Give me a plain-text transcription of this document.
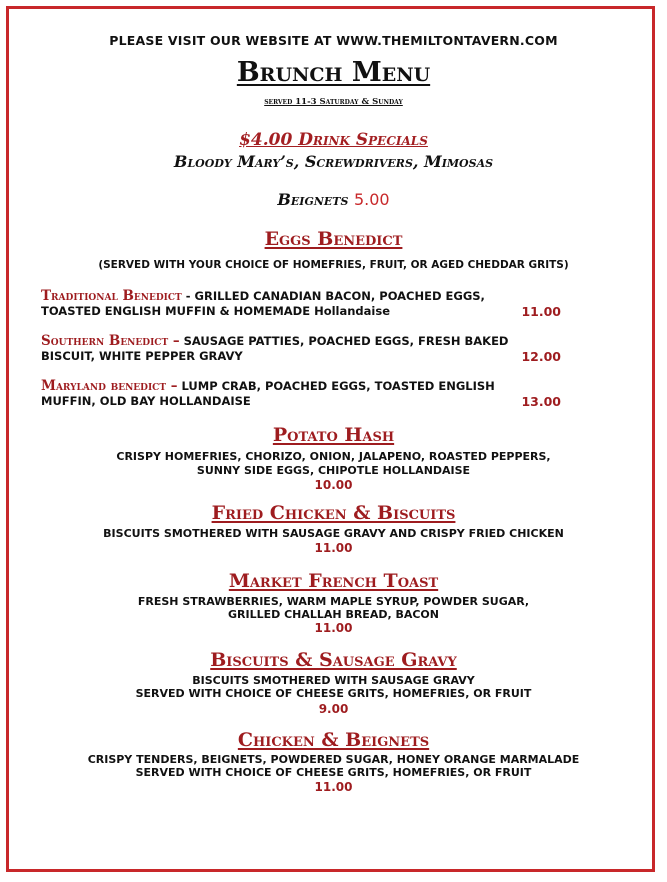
PLEASE VISIT OUR WEBSITE AT WWW.THEMILTONTAVERN.COM
Brunch Menu
served 11-3 Saturday & Sunday
$4.00 Drink Specials
Bloody Mary’s, Screwdrivers, Mimosas
Beignets 5.00
Eggs Benedict
(SERVED WITH YOUR CHOICE OF HOMEFRIES, FRUIT, OR AGED CHEDDAR GRITS)
Traditional Benedict - GRILLED CANADIAN BACON, POACHED EGGS,
TOASTED ENGLISH MUFFIN & HOMEMADE Hollandaise	11.00
Southern Benedict – SAUSAGE PATTIES, POACHED EGGS, FRESH BAKED
BISCUIT, WHITE PEPPER GRAVY	12.00
Maryland benedict – LUMP CRAB, POACHED EGGS, TOASTED ENGLISH
MUFFIN, OLD BAY HOLLANDAISE	13.00
Potato Hash
CRISPY HOMEFRIES, CHORIZO, ONION, JALAPENO, ROASTED PEPPERS,
SUNNY SIDE EGGS, CHIPOTLE HOLLANDAISE
10.00
Fried Chicken & Biscuits
BISCUITS SMOTHERED WITH SAUSAGE GRAVY AND CRISPY FRIED CHICKEN
11.00
Market French Toast
FRESH STRAWBERRIES, WARM MAPLE SYRUP, POWDER SUGAR,
GRILLED CHALLAH BREAD, BACON
11.00
Biscuits & Sausage Gravy
BISCUITS SMOTHERED WITH SAUSAGE GRAVY
SERVED WITH CHOICE OF CHEESE GRITS, HOMEFRIES, OR FRUIT
9.00
Chicken & Beignets
CRISPY TENDERS, BEIGNETS, POWDERED SUGAR, HONEY ORANGE MARMALADE
SERVED WITH CHOICE OF CHEESE GRITS, HOMEFRIES, OR FRUIT
11.00
